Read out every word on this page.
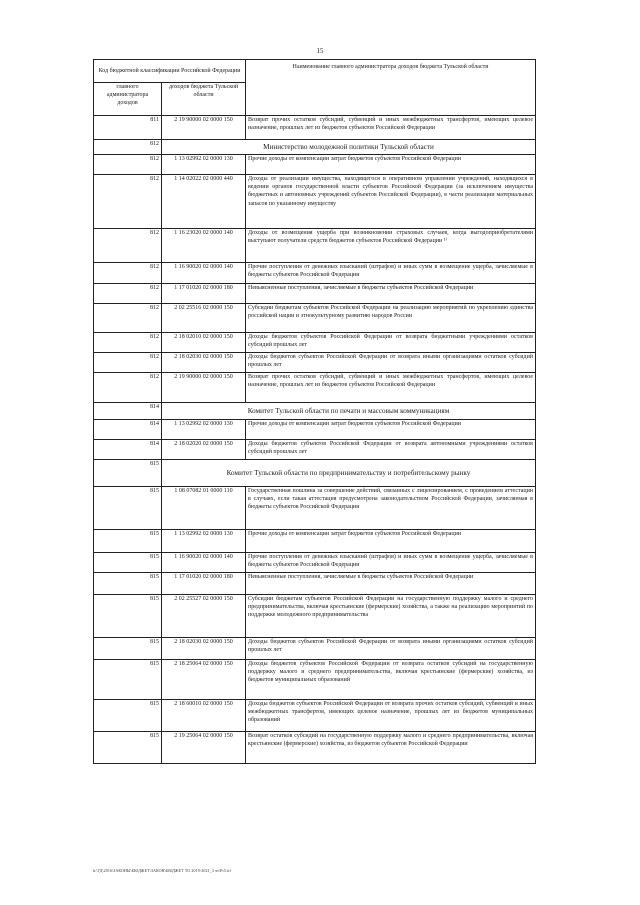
15
Код бюджетной классификации Российской Федерации		Наименование главного администратора доходов бюджета Тульской области
главного администратора доходов	доходов бюджета Тульской области	
811	2 19 90000 02 0000 150	Возврат прочих остатков субсидий, субвенций и иных межбюджетных трансфертов, имеющих целевое назначение, прошлых лет из бюджетов субъектов Российской Федерации
812	Министерство молодежной политики Тульской области	
812	1 13 02992 02 0000 130	Прочие доходы от компенсации затрат бюджетов субъектов Российской Федерации
812	1 14 02022 02 0000 440	Доходы от реализации имущества, находящегося в оперативном управлении учреждений, находящихся в ведении органов государственной власти субъектов Российской Федерации (за исключением имущества бюджетных и автономных учреждений субъектов Российской Федерации), в части реализации материальных запасов по указанному имуществу
812	1 16 23020 02 0000 140	Доходы от возмещения ущерба при возникновении страховых случаев, когда выгодоприобретателями выступают получатели средств бюджетов субъектов Российской Федерации ¹⁾
812	1 16 90020 02 0000 140	Прочие поступления от денежных взысканий (штрафов) и иных сумм в возмещение ущерба, зачисляемые в бюджеты субъектов Российской Федерации
812	1 17 01020 02 0000 180	Невыясненные поступления, зачисляемые в бюджеты субъектов Российской Федерации
812	2 02 25516 02 0000 150	Субсидии бюджетам субъектов Российской Федерации на реализацию мероприятий по укреплению единства российской нации и этнокультурному развитию народов России
812	2 18 02010 02 0000 150	Доходы бюджетов субъектов Российской Федерации от возврата бюджетными учреждениями остатков субсидий прошлых лет
812	2 18 02030 02 0000 150	Доходы бюджетов субъектов Российской Федерации от возврата иными организациями остатков субсидий прошлых лет
812	2 19 90000 02 0000 150	Возврат прочих остатков субсидий, субвенций и иных межбюджетных трансфертов, имеющих целевое назначение, прошлых лет из бюджетов субъектов Российской Федерации
814	Комитет Тульской области по печати и массовым коммуникациям	
814	1 13 02992 02 0000 130	Прочие доходы от компенсации затрат бюджетов субъектов Российской Федерации
814	2 18 02020 02 0000 150	Доходы бюджетов субъектов Российской Федерации от возврата автономными учреждениями остатков субсидий прошлых лет
815	Комитет Тульской области по предпринимательству и потребительскому рынку	
815	1 08 07082 01 0000 110	Государственная пошлина за совершение действий, связанных с лицензированием, с проведением аттестации в случаях, если такая аттестация предусмотрена законодательством Российской Федерации, зачисляемая в бюджеты субъектов Российской Федерации
815	1 13 02992 02 0000 130	Прочие доходы от компенсации затрат бюджетов субъектов Российской Федерации
815	1 16 90020 02 0000 140	Прочие поступления от денежных взысканий (штрафов) и иных сумм в возмещение ущерба, зачисляемые в бюджеты субъектов Российской Федерации
815	1 17 01020 02 0000 180	Невыясненные поступления, зачисляемые в бюджеты субъектов Российской Федерации
815	2 02 25527 02 0000 150	Субсидии бюджетам субъектов Российской Федерации на государственную поддержку малого и среднего предпринимательства, включая крестьянские (фермерские) хозяйства, а также на реализацию мероприятий по поддержке молодежного предпринимательства
815	2 18 02030 02 0000 150	Доходы бюджетов субъектов Российской Федерации от возврата иными организациями остатков субсидий прошлых лет
815	2 18 25064 02 0000 150	Доходы бюджетов субъектов Российской Федерации от возврата остатков субсидий на государственную поддержку малого и среднего предпринимательства, включая крестьянские (фермерские) хозяйства, из бюджетов муниципальных образований
815	2 18 60010 02 0000 150	Доходы бюджетов субъектов Российской Федерации от возврата прочих остатков субсидий, субвенций и иных межбюджетных трансфертов, имеющих целевое назначение, прошлых лет из бюджетов муниципальных образований
815	2 19 25064 02 0000 150	Возврат остатков субсидий на государственную поддержку малого и среднего предпринимательства, включая крестьянские (фермерские) хозяйства, из бюджетов субъектов Российской Федерации
h:\ГД\2016\ЗАКОНЫ\БЮДЖЕТ\ЗАКОН\БЮДЖЕТ ТО 2019-2021_3 чт\Pr5.tif
